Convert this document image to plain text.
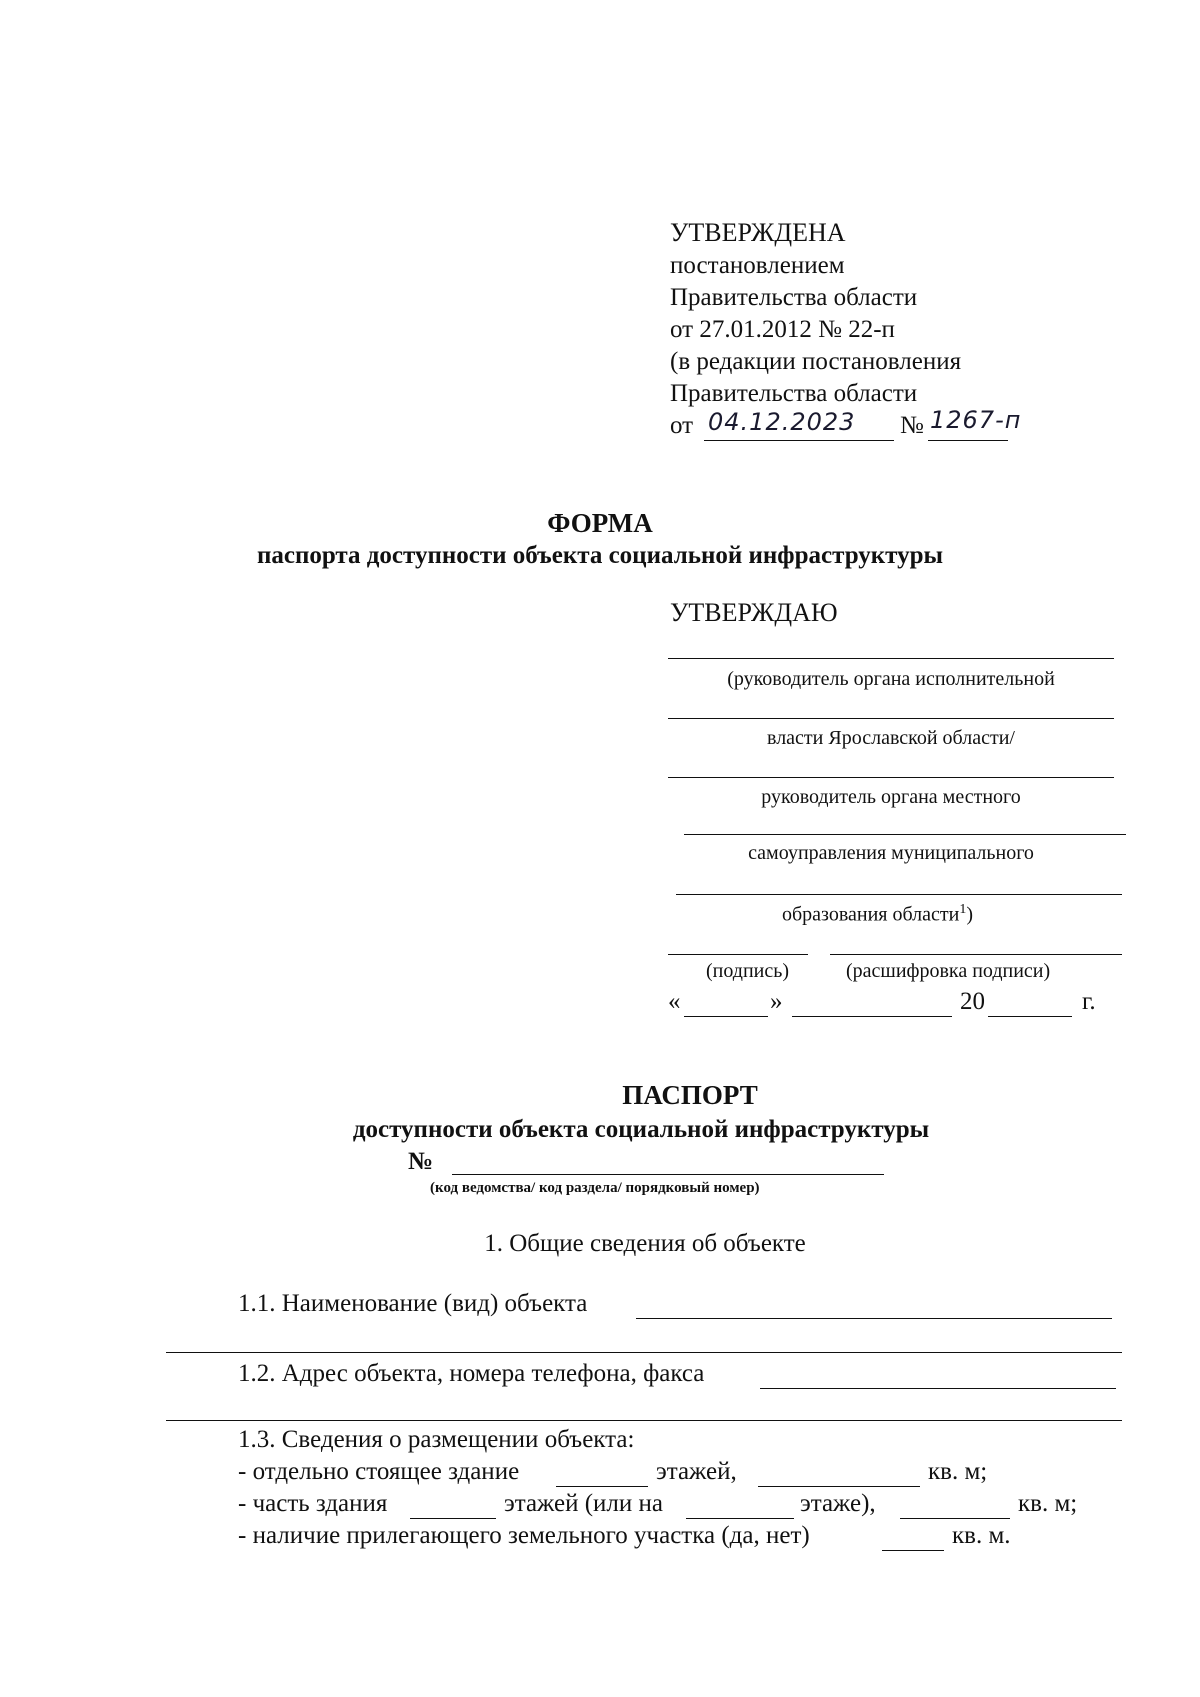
УТВЕРЖДЕНА
постановлением
Правительства области
от 27.01.2012 № 22-п
(в редакции постановления
Правительства области
от 04.12.2023 № 1267-п
ФОРМА
паспорта доступности объекта социальной инфраструктуры
УТВЕРЖДАЮ
(руководитель органа исполнительной
власти Ярославской области/
руководитель органа местного
самоуправления муниципального
образования области$^1$)
(подпись)	(расшифровка подписи)
«	»	20	г.
ПАСПОРТ
доступности объекта социальной инфраструктуры
№
(код ведомства/ код раздела/ порядковый номер)
1. Общие сведения об объекте
1.1. Наименование (вид) объекта
1.2. Адрес объекта, номера телефона, факса
1.3. Сведения о размещении объекта:
- отдельно стоящее здание	этажей,	кв. м;
- часть здания	этажей (или на	этаже),	кв. м;
- наличие прилегающего земельного участка (да, нет)	кв. м.
